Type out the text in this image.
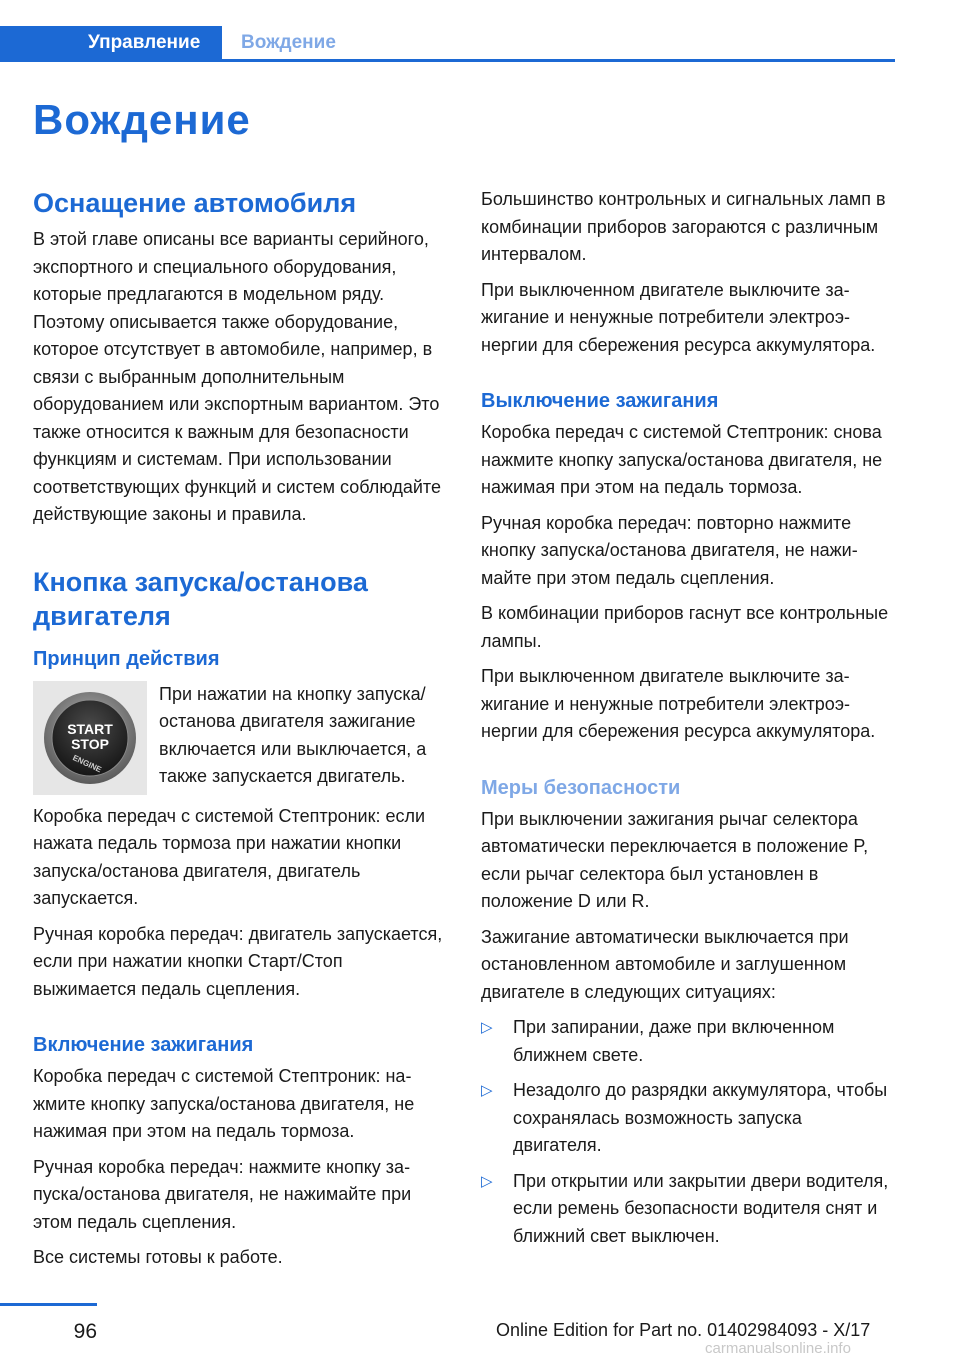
Управление	Вождение
Вождение
Оснащение автомобиля

В этой главе описаны все варианты серийного, экспортного и специального оборудования, которые предлагаются в модельном ряду. Поэтому описывается также оборудование, которое отсутствует в автомобиле, например, в связи с выбранным дополнительным оборудованием или экспортным вариантом. Это также относится к важным для безопасности функциям и системам. При использовании соответствующих функций и систем соблюдайте действующие законы и правила.

Кнопка запуска/останова двигателя
Принцип действия
START
STOP
ENGINE

При нажатии на кнопку запуска/останова двигателя зажигание включается или выключается, а также запускается двигатель.

Коробка передач с системой Стептроник: если нажата педаль тормоза при нажатии кнопки запуска/останова двигателя, двигатель запускается.

Ручная коробка передач: двигатель запускается, если при нажатии кнопки Старт/Стоп выжимается педаль сцепления.

Включение зажигания

Коробка передач с системой Стептроник: нажмите кнопку запуска/останова двигателя, не нажимая при этом на педаль тормоза.

Ручная коробка передач: нажмите кнопку запуска/останова двигателя, не нажимайте при этом педаль сцепления.

Все системы готовы к работе.

Большинство контрольных и сигнальных ламп в комбинации приборов загораются с различным интервалом.

При выключенном двигателе выключите зажигание и ненужные потребители электроэнергии для сбережения ресурса аккумулятора.

Выключение зажигания

Коробка передач с системой Стептроник: снова нажмите кнопку запуска/останова двигателя, не нажимая при этом на педаль тормоза.

Ручная коробка передач: повторно нажмите кнопку запуска/останова двигателя, не нажимайте при этом педаль сцепления.

В комбинации приборов гаснут все контрольные лампы.

При выключенном двигателе выключите зажигание и ненужные потребители электроэнергии для сбережения ресурса аккумулятора.

Меры безопасности

При выключении зажигания рычаг селектора автоматически переключается в положение P, если рычаг селектора был установлен в положение D или R.

Зажигание автоматически выключается при остановленном автомобиле и заглушенном двигателе в следующих ситуациях:

▷	При запирании, даже при включенном ближнем свете.
▷	Незадолго до разрядки аккумулятора, чтобы сохранялась возможность запуска двигателя.
▷	При открытии или закрытии двери водителя, если ремень безопасности водителя снят и ближний свет выключен.
96	Online Edition for Part no. 01402984093 - X/17
carmanualsonline.info
